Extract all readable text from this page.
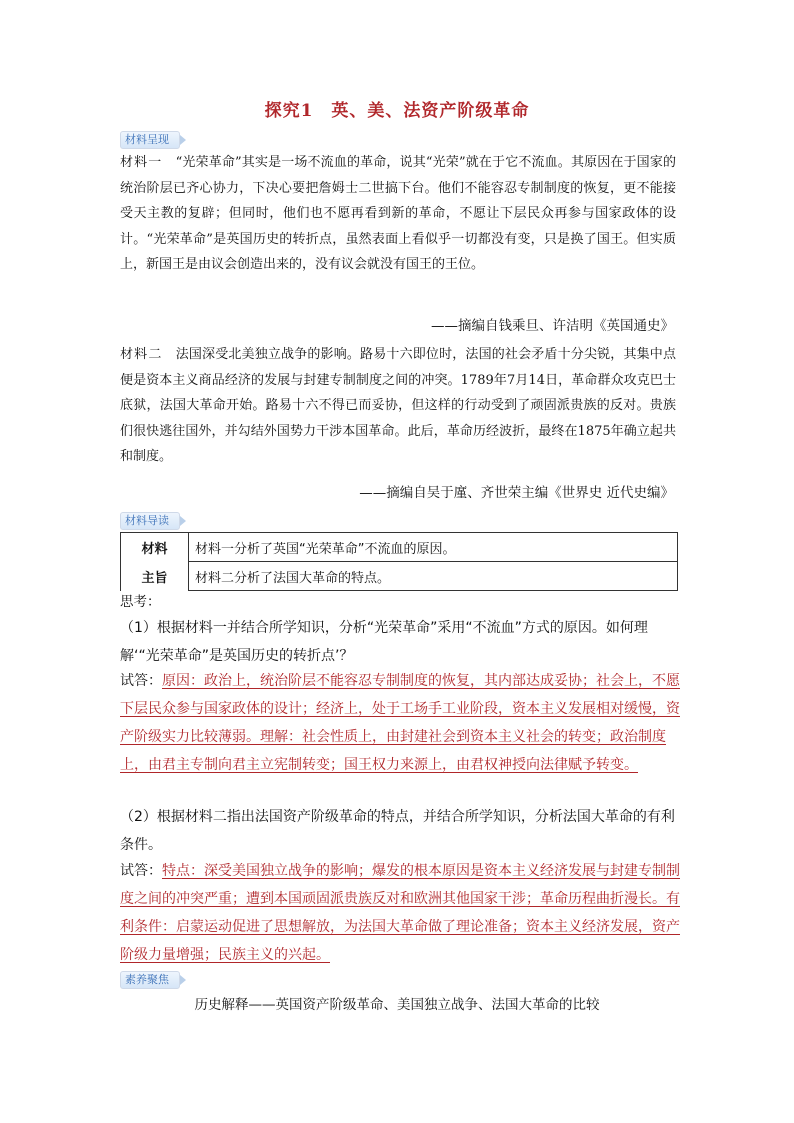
探究1　英、美、法资产阶级革命
材料呈现

材料一　 “光荣革命”其实是一场不流血的革命，说其“光荣”就在于它不流血。其原因在于国家的统治阶层已齐心协力，下决心要把詹姆士二世搞下台。他们不能容忍专制制度的恢复，更不能接受天主教的复辟；但同时，他们也不愿再看到新的革命，不愿让下层民众再参与国家政体的设计。“光荣革命”是英国历史的转折点，虽然表面上看似乎一切都没有变，只是换了国王。但实质上，新国王是由议会创造出来的，没有议会就没有国王的王位。

——摘编自钱乘旦、许洁明《英国通史》

材料二　 法国深受北美独立战争的影响。路易十六即位时，法国的社会矛盾十分尖锐，其集中点便是资本主义商品经济的发展与封建专制制度之间的冲突。1789年7月14日，革命群众攻克巴士底狱，法国大革命开始。路易十六不得已而妥协，但这样的行动受到了顽固派贵族的反对。贵族们很快逃往国外，并勾结外国势力干涉本国革命。此后，革命历经波折，最终在1875年确立起共和制度。

——摘编自吴于廑、齐世荣主编《世界史 近代史编》
材料导读
材料	材料一分析了英国“光荣革命”不流血的原因。
主旨	材料二分析了法国大革命的特点。
思考：

（1）根据材料一并结合所学知识，分析“光荣革命”采用“不流血”方式的原因。如何理解‘“光荣革命”是英国历史的转折点’？

试答：原因：政治上，统治阶层不能容忍专制制度的恢复，其内部达成妥协；社会上，不愿下层民众参与国家政体的设计；经济上，处于工场手工业阶段，资本主义发展相对缓慢，资产阶级实力比较薄弱。理解：社会性质上，由封建社会到资本主义社会的转变；政治制度上，由君主专制向君主立宪制转变；国王权力来源上，由君权神授向法律赋予转变。

（2）根据材料二指出法国资产阶级革命的特点，并结合所学知识，分析法国大革命的有利条件。

试答：特点：深受美国独立战争的影响；爆发的根本原因是资本主义经济发展与封建专制制度之间的冲突严重；遭到本国顽固派贵族反对和欧洲其他国家干涉；革命历程曲折漫长。有利条件：启蒙运动促进了思想解放，为法国大革命做了理论准备；资本主义经济发展，资产阶级力量增强；民族主义的兴起。

素养聚焦
历史解释——英国资产阶级革命、美国独立战争、法国大革命的比较
